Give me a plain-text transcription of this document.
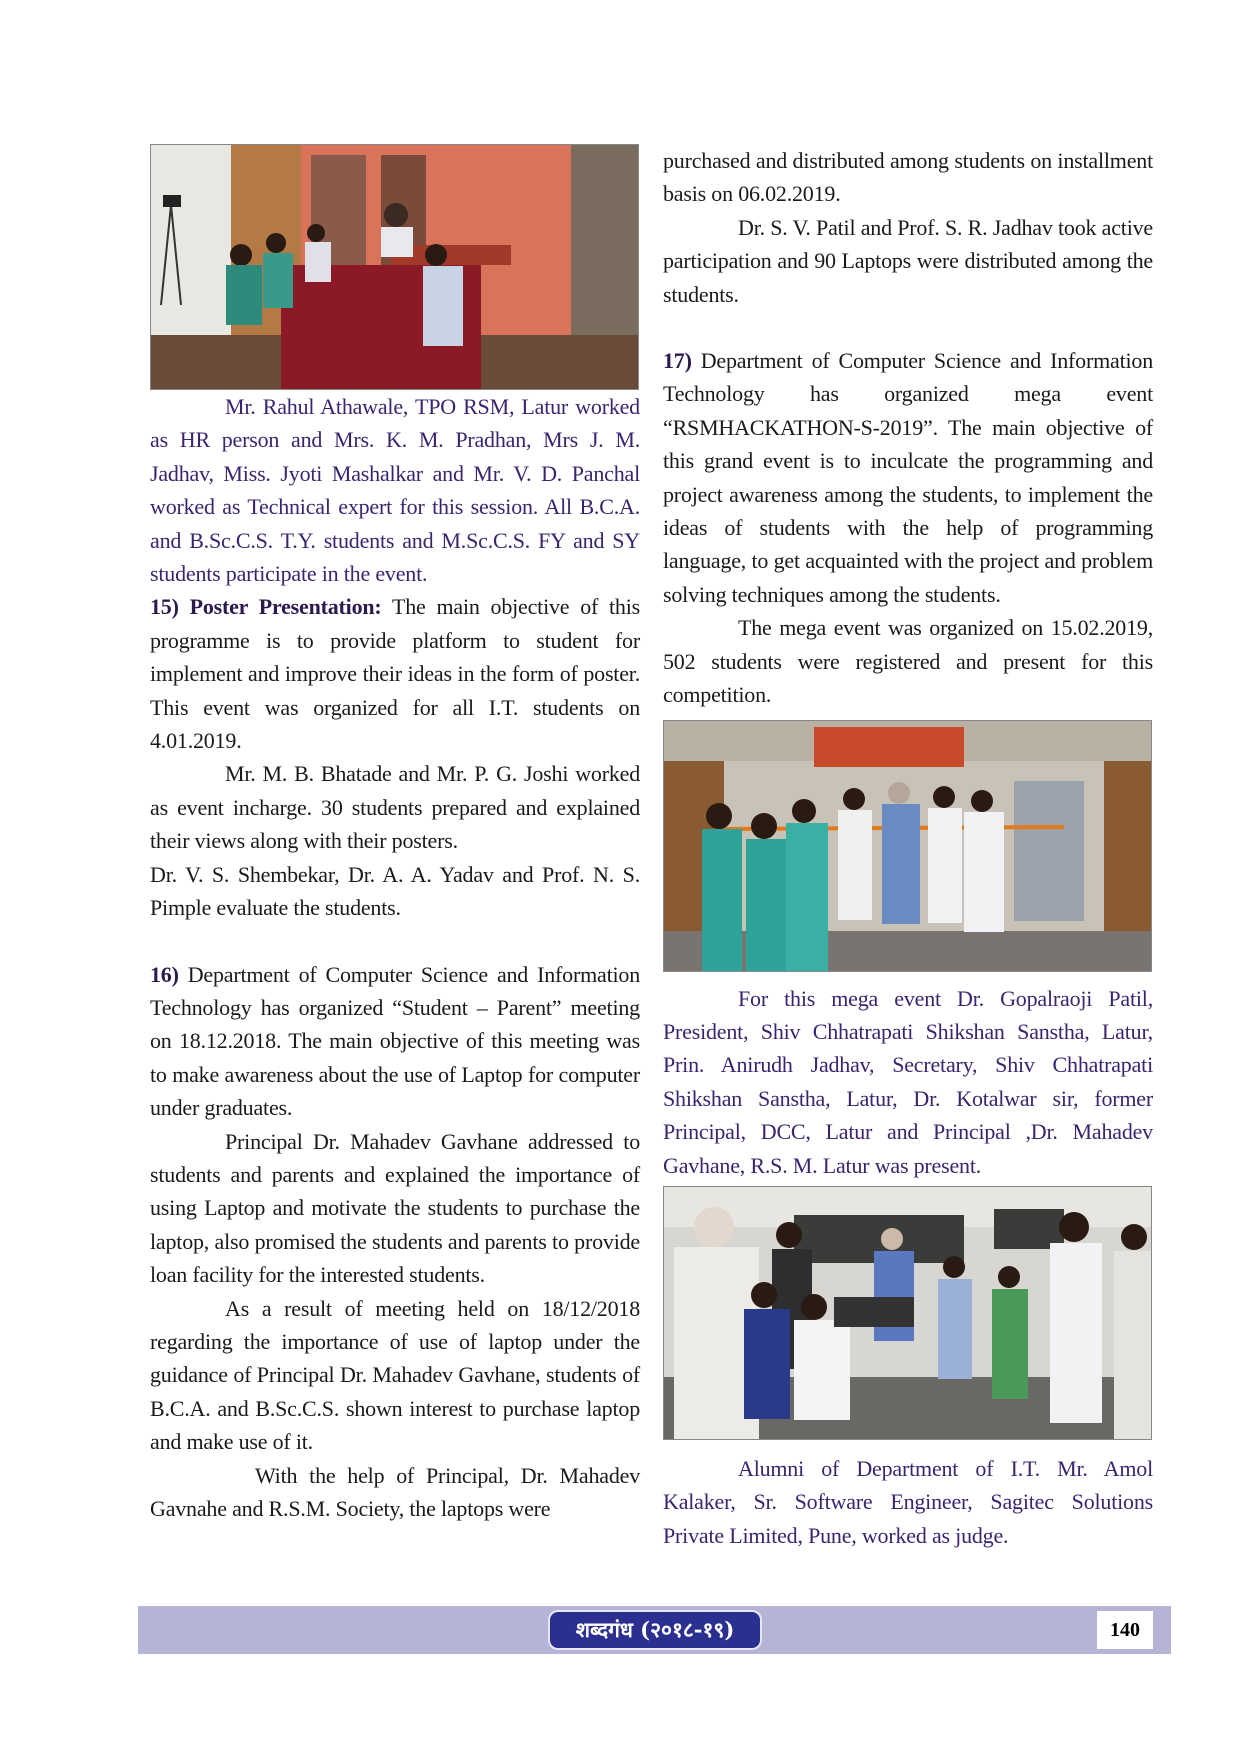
Mr. Rahul Athawale, TPO RSM, Latur worked as HR person and Mrs. K. M. Pradhan, Mrs J. M. Jadhav, Miss. Jyoti Mashalkar and Mr. V. D. Panchal worked as Technical expert for this session. All B.C.A. and B.Sc.C.S. T.Y. students and M.Sc.C.S. FY and SY students participate in the event.

15) Poster Presentation: The main objective of this programme is to provide platform to student for implement and improve their ideas in the form of poster. This event was organized for all I.T. students on 4.01.2019.

Mr. M. B. Bhatade and Mr. P. G. Joshi worked as event incharge. 30 students prepared and explained their views along with their posters.

Dr. V. S. Shembekar, Dr. A. A. Yadav and Prof. N. S. Pimple evaluate the students.

16) Department of Computer Science and Information Technology has organized “Student – Parent” meeting on 18.12.2018. The main objective of this meeting was to make awareness about the use of Laptop for computer under graduates.

Principal Dr. Mahadev Gavhane addressed to students and parents and explained the importance of using Laptop and motivate the students to purchase the laptop, also promised the students and parents to provide loan facility for the interested students.

As a result of meeting held on 18/12/2018 regarding the importance of use of laptop under the guidance of Principal Dr. Mahadev Gavhane, students of B.C.A. and B.Sc.C.S. shown interest to purchase laptop and make use of it.

With the help of Principal, Dr. Mahadev Gavnahe and R.S.M. Society, the laptops were

purchased and distributed among students on installment basis on 06.02.2019.

Dr. S. V. Patil and Prof. S. R. Jadhav took active participation and 90 Laptops were distributed among the students.

17) Department of Computer Science and Information Technology has organized mega event “RSMHACKATHON-S-2019”. The main objective of this grand event is to inculcate the programming and project awareness among the students, to implement the ideas of students with the help of programming language, to get acquainted with the project and problem solving techniques among the students.

The mega event was organized on 15.02.2019, 502 students were registered and present for this competition.

For this mega event Dr. Gopalraoji Patil, President, Shiv Chhatrapati Shikshan Sanstha, Latur, Prin. Anirudh Jadhav, Secretary, Shiv Chhatrapati Shikshan Sanstha, Latur, Dr. Kotalwar sir, former Principal, DCC, Latur and Principal ,Dr. Mahadev Gavhane, R.S. M. Latur was present.

Alumni of Department of I.T. Mr. Amol Kalaker, Sr. Software Engineer, Sagitec Solutions Private Limited, Pune, worked as judge.

शब्दगंध (२०१८-१९)	140
